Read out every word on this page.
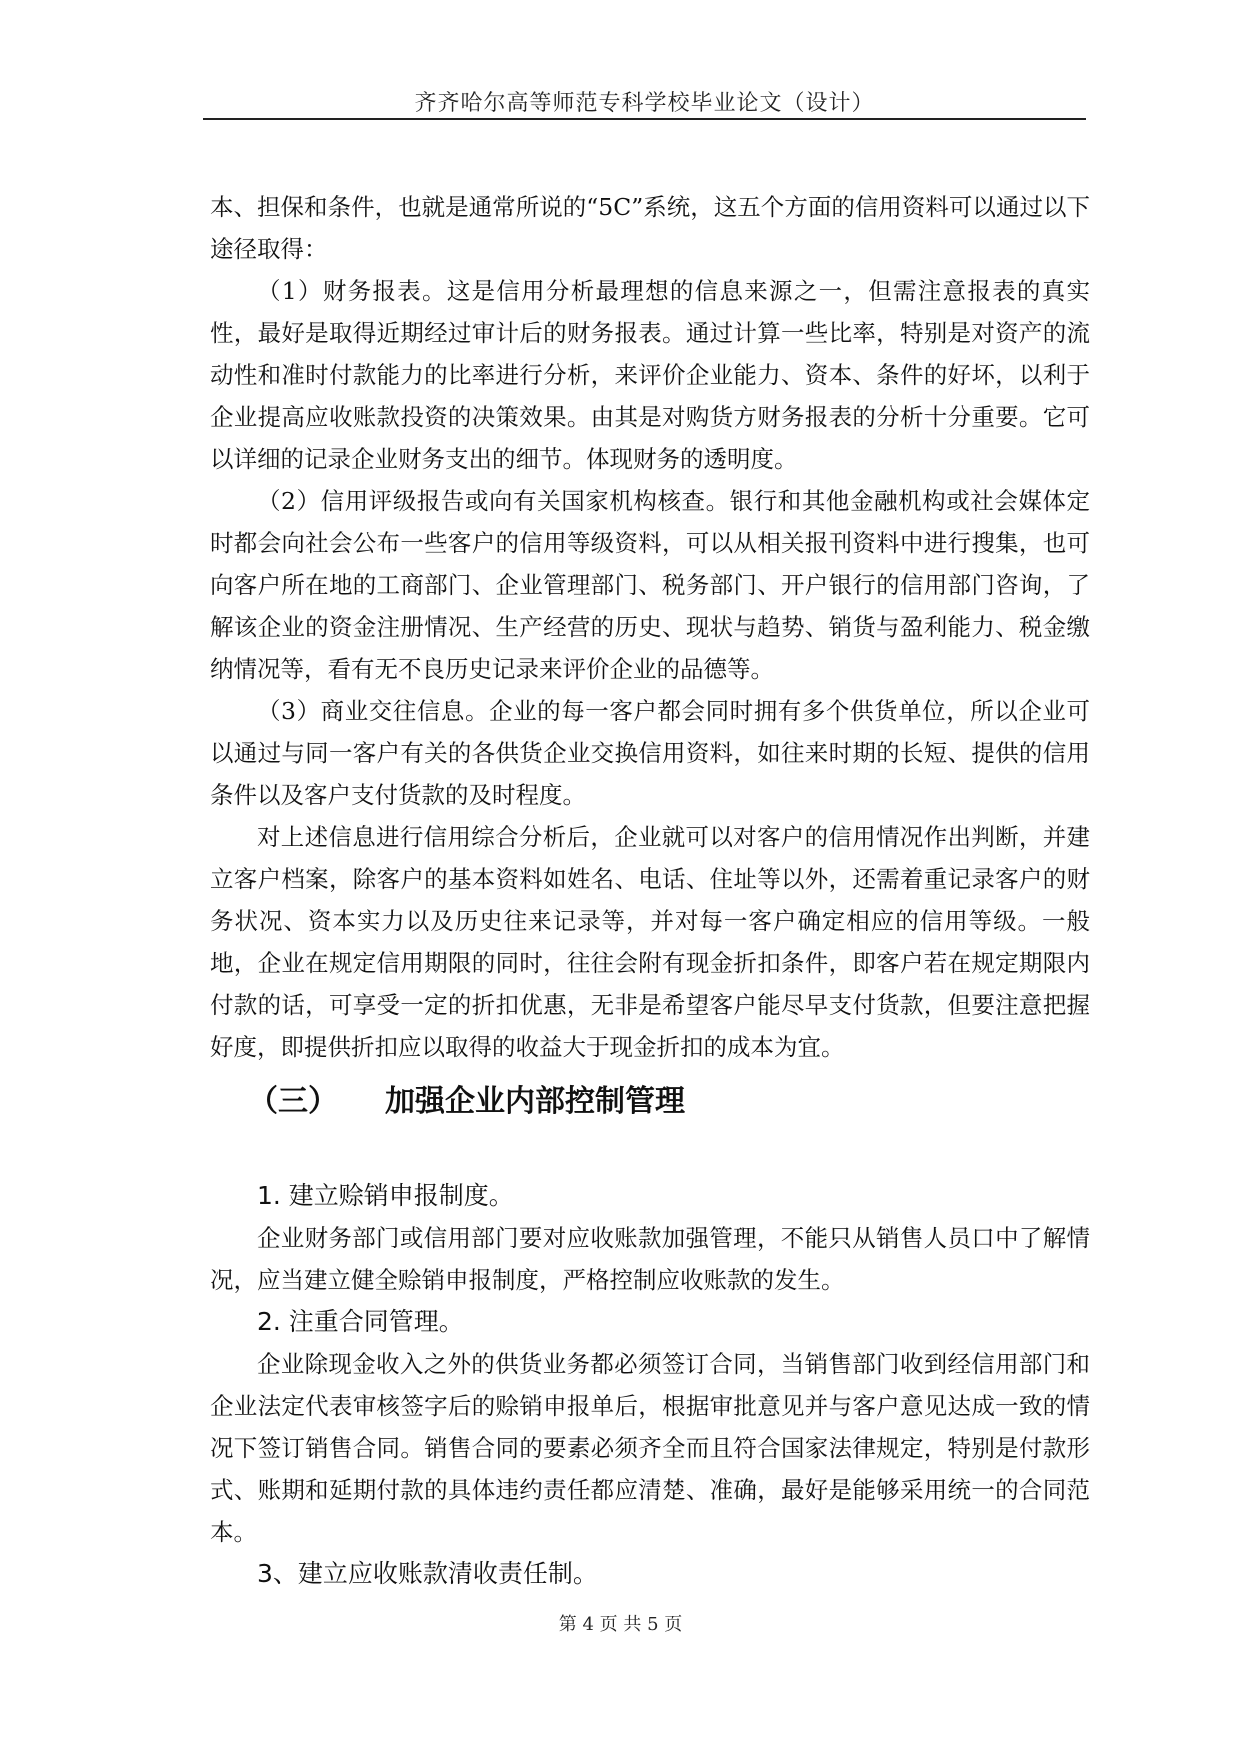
齐齐哈尔高等师范专科学校毕业论文（设计）

本、担保和条件，也就是通常所说的“5C”系统，这五个方面的信用资料可以通过以下途径取得：

（1）财务报表。这是信用分析最理想的信息来源之一，但需注意报表的真实性，最好是取得近期经过审计后的财务报表。通过计算一些比率，特别是对资产的流动性和准时付款能力的比率进行分析，来评价企业能力、资本、条件的好坏，以利于企业提高应收账款投资的决策效果。由其是对购货方财务报表的分析十分重要。它可以详细的记录企业财务支出的细节。体现财务的透明度。

（2）信用评级报告或向有关国家机构核查。银行和其他金融机构或社会媒体定时都会向社会公布一些客户的信用等级资料，可以从相关报刊资料中进行搜集，也可向客户所在地的工商部门、企业管理部门、税务部门、开户银行的信用部门咨询，了解该企业的资金注册情况、生产经营的历史、现状与趋势、销货与盈利能力、税金缴纳情况等，看有无不良历史记录来评价企业的品德等。

（3）商业交往信息。企业的每一客户都会同时拥有多个供货单位，所以企业可以通过与同一客户有关的各供货企业交换信用资料，如往来时期的长短、提供的信用条件以及客户支付货款的及时程度。

对上述信息进行信用综合分析后，企业就可以对客户的信用情况作出判断，并建立客户档案，除客户的基本资料如姓名、电话、住址等以外，还需着重记录客户的财务状况、资本实力以及历史往来记录等，并对每一客户确定相应的信用等级。一般地，企业在规定信用期限的同时，往往会附有现金折扣条件，即客户若在规定期限内付款的话，可享受一定的折扣优惠，无非是希望客户能尽早支付货款，但要注意把握好度，即提供折扣应以取得的收益大于现金折扣的成本为宜。

（三） 加强企业内部控制管理

1. 建立赊销申报制度。

企业财务部门或信用部门要对应收账款加强管理，不能只从销售人员口中了解情况，应当建立健全赊销申报制度，严格控制应收账款的发生。

2. 注重合同管理。

企业除现金收入之外的供货业务都必须签订合同，当销售部门收到经信用部门和企业法定代表审核签字后的赊销申报单后，根据审批意见并与客户意见达成一致的情况下签订销售合同。销售合同的要素必须齐全而且符合国家法律规定，特别是付款形式、账期和延期付款的具体违约责任都应清楚、准确，最好是能够采用统一的合同范本。

3、建立应收账款清收责任制。

第 4 页 共 5 页
